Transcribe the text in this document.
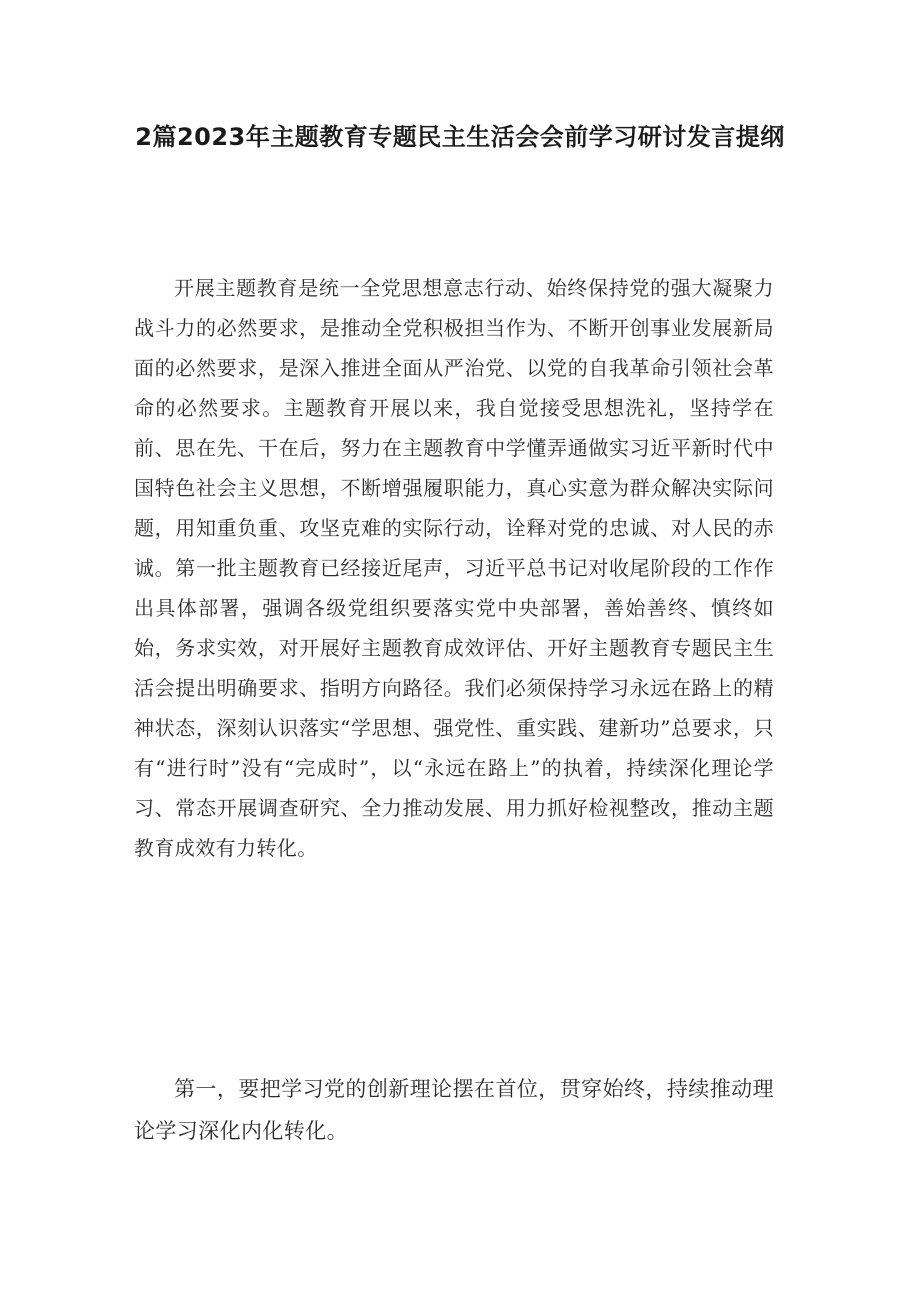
2篇2023年主题教育专题民主生活会会前学习研讨发言提纲

开展主题教育是统一全党思想意志行动、始终保持党的强大凝聚力战斗力的必然要求，是推动全党积极担当作为、不断开创事业发展新局面的必然要求，是深入推进全面从严治党、以党的自我革命引领社会革命的必然要求。主题教育开展以来，我自觉接受思想洗礼，坚持学在前、思在先、干在后，努力在主题教育中学懂弄通做实习近平新时代中国特色社会主义思想，不断增强履职能力，真心实意为群众解决实际问题，用知重负重、攻坚克难的实际行动，诠释对党的忠诚、对人民的赤诚。第一批主题教育已经接近尾声，习近平总书记对收尾阶段的工作作出具体部署，强调各级党组织要落实党中央部署，善始善终、慎终如始，务求实效，对开展好主题教育成效评估、开好主题教育专题民主生活会提出明确要求、指明方向路径。我们必须保持学习永远在路上的精神状态，深刻认识落实“学思想、强党性、重实践、建新功”总要求，只有“进行时”没有“完成时”，以“永远在路上”的执着，持续深化理论学习、常态开展调查研究、全力推动发展、用力抓好检视整改，推动主题教育成效有力转化。

第一，要把学习党的创新理论摆在首位，贯穿始终，持续推动理论学习深化内化转化。
